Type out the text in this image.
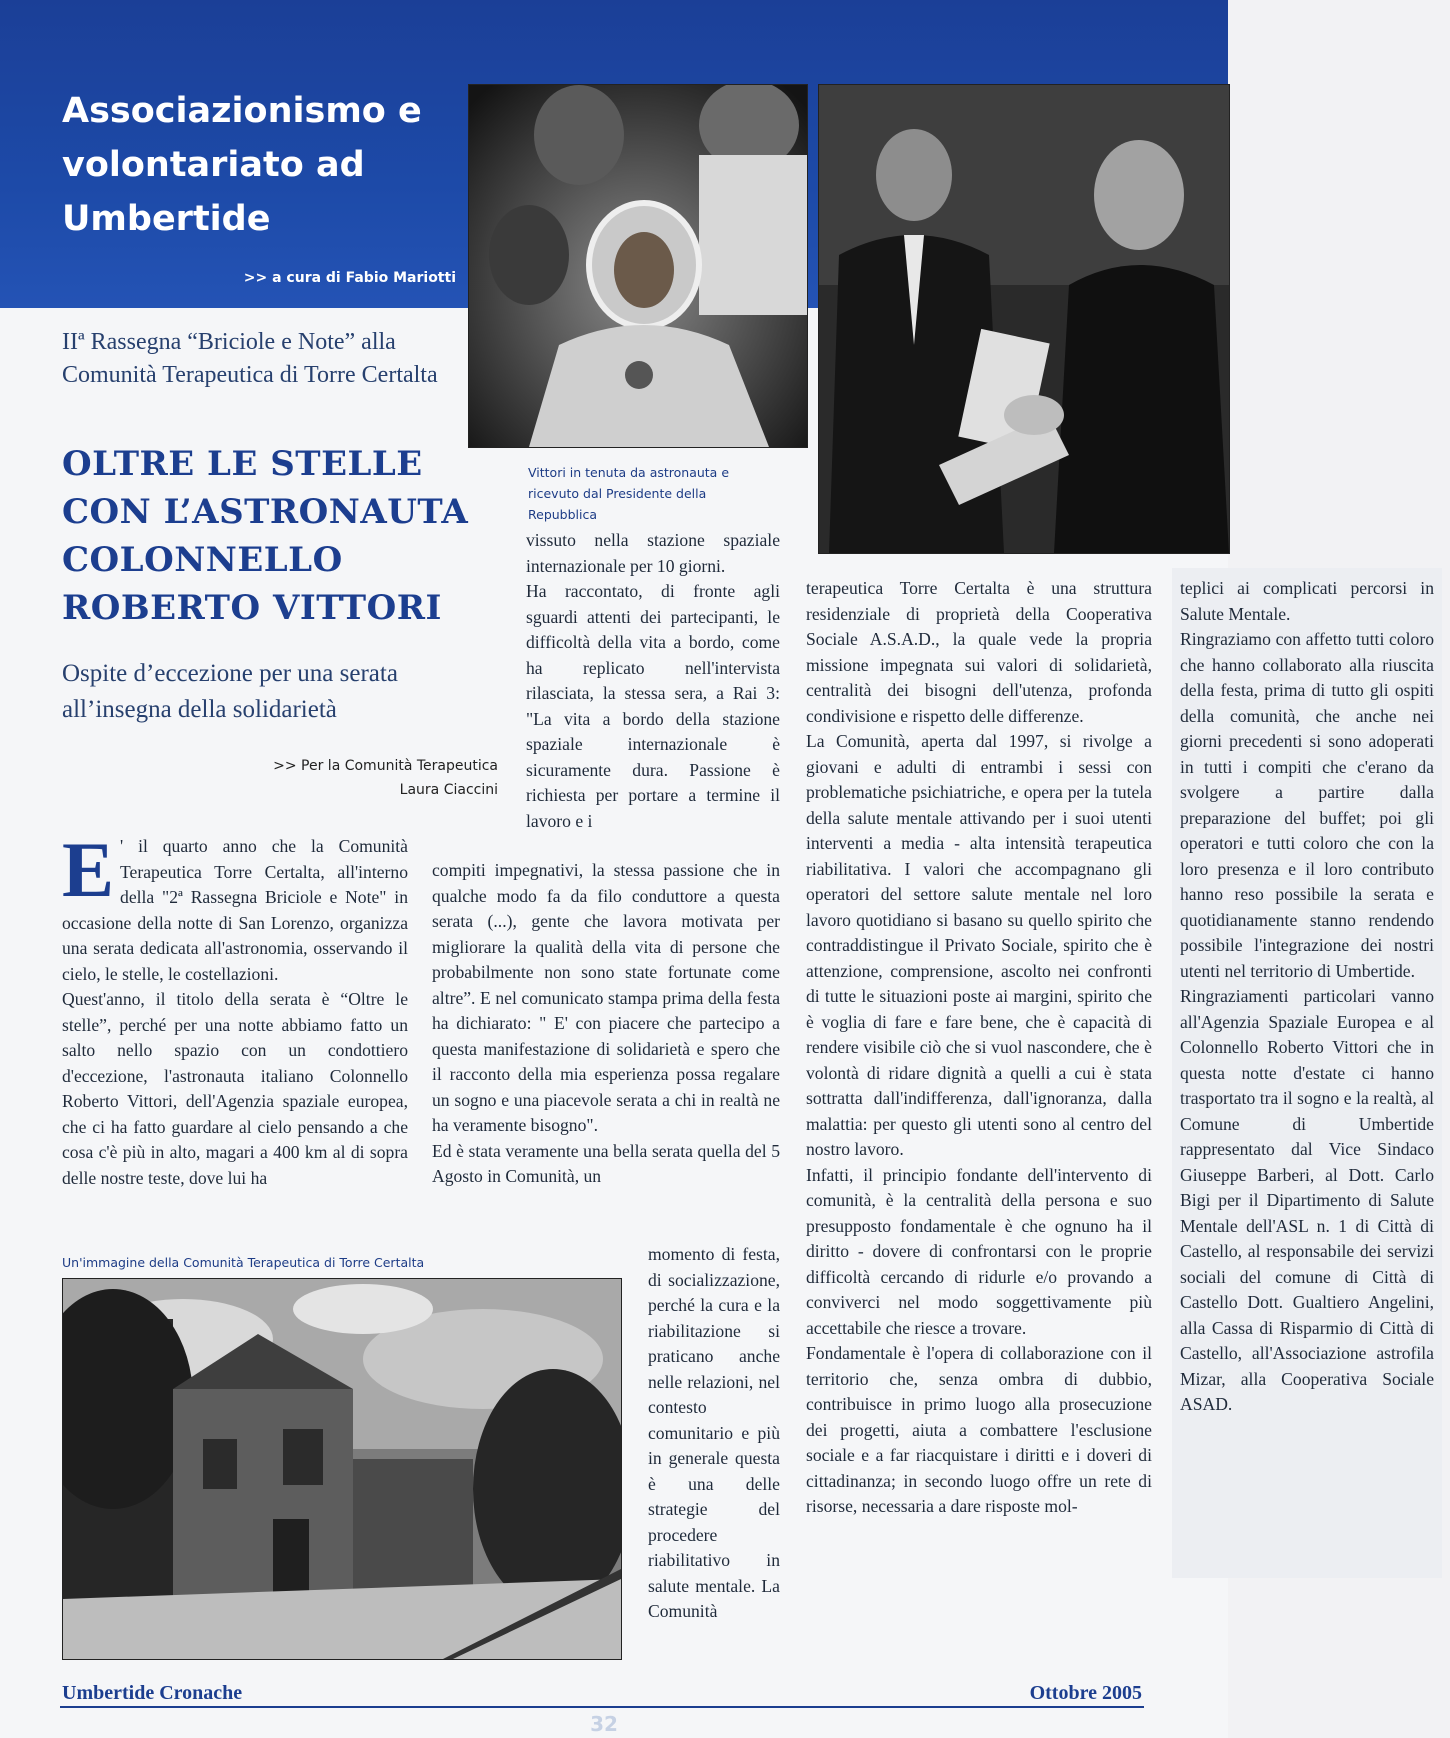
Associazionismo e volontariato ad Umbertide
>> a cura di Fabio Mariotti
Vittori in tenuta da astronauta e ricevuto dal Presidente della Repubblica
IIª Rassegna “Briciole e Note” alla Comunità Terapeutica di Torre Certalta
OLTRE LE STELLE CON L’ASTRONAUTA COLONNELLO ROBERTO VITTORI
Ospite d’eccezione per una serata all’insegna della solidarietà
>> Per la Comunità Terapeutica
Laura Ciaccini

E ' il quarto anno che la Comunità Terapeutica Torre Certalta, all'interno della "2ª Rassegna Briciole e Note" in occasione della notte di San Lorenzo, organizza una serata dedicata all'astronomia, osservando il cielo, le stelle, le costellazioni.

Quest'anno, il titolo della serata è “Oltre le stelle”, perché per una notte abbiamo fatto un salto nello spazio con un condottiero d'eccezione, l'astronauta italiano Colonnello Roberto Vittori, dell'Agenzia spaziale europea, che ci ha fatto guardare al cielo pensando a che cosa c'è più in alto, magari a 400 km al di sopra delle nostre teste, dove lui ha

Un'immagine della Comunità Terapeutica di Torre Certalta

vissuto nella stazione spaziale internazionale per 10 giorni.

Ha raccontato, di fronte agli sguardi attenti dei partecipanti, le difficoltà della vita a bordo, come ha replicato nell'intervista rilasciata, la stessa sera, a Rai 3: "La vita a bordo della stazione spaziale internazionale è sicuramente dura. Passione è richiesta per portare a termine il lavoro e i

compiti impegnativi, la stessa passione che in qualche modo fa da filo conduttore a questa serata (...), gente che lavora motivata per migliorare la qualità della vita di persone che probabilmente non sono state fortunate come altre”. E nel comunicato stampa prima della festa ha dichiarato: " E' con piacere che partecipo a questa manifestazione di solidarietà e spero che il racconto della mia esperienza possa regalare un sogno e una piacevole serata a chi in realtà ne ha veramente bisogno".

Ed è stata veramente una bella serata quella del 5 Agosto in Comunità, un

momento di festa, di socializzazione, perché la cura e la riabilitazione si praticano anche nelle relazioni, nel contesto comunitario e più in generale questa è una delle strategie del procedere riabilitativo in salute mentale. La Comunità

terapeutica Torre Certalta è una struttura residenziale di proprietà della Cooperativa Sociale A.S.A.D., la quale vede la propria missione impegnata sui valori di solidarietà, centralità dei bisogni dell'utenza, profonda condivisione e rispetto delle differenze.

La Comunità, aperta dal 1997, si rivolge a giovani e adulti di entrambi i sessi con problematiche psichiatriche, e opera per la tutela della salute mentale attivando per i suoi utenti interventi a media - alta intensità terapeutica riabilitativa. I valori che accompagnano gli operatori del settore salute mentale nel loro lavoro quotidiano si basano su quello spirito che contraddistingue il Privato Sociale, spirito che è attenzione, comprensione, ascolto nei confronti di tutte le situazioni poste ai margini, spirito che è voglia di fare e fare bene, che è capacità di rendere visibile ciò che si vuol nascondere, che è volontà di ridare dignità a quelli a cui è stata sottratta dall'indifferenza, dall'ignoranza, dalla malattia: per questo gli utenti sono al centro del nostro lavoro.

Infatti, il principio fondante dell'intervento di comunità, è la centralità della persona e suo presupposto fondamentale è che ognuno ha il diritto - dovere di confrontarsi con le proprie difficoltà cercando di ridurle e/o provando a conviverci nel modo soggettivamente più accettabile che riesce a trovare.

Fondamentale è l'opera di collaborazione con il territorio che, senza ombra di dubbio, contribuisce in primo luogo alla prosecuzione dei progetti, aiuta a combattere l'esclusione sociale e a far riacquistare i diritti e i doveri di cittadinanza; in secondo luogo offre un rete di risorse, necessaria a dare risposte mol-

teplici ai complicati percorsi in Salute Mentale.

Ringraziamo con affetto tutti coloro che hanno collaborato alla riuscita della festa, prima di tutto gli ospiti della comunità, che anche nei giorni precedenti si sono adoperati in tutti i compiti che c'erano da svolgere a partire dalla preparazione del buffet; poi gli operatori e tutti coloro che con la loro presenza e il loro contributo hanno reso possibile la serata e quotidianamente stanno rendendo possibile l'integrazione dei nostri utenti nel territorio di Umbertide.

Ringraziamenti particolari vanno all'Agenzia Spaziale Europea e al Colonnello Roberto Vittori che in questa notte d'estate ci hanno trasportato tra il sogno e la realtà, al Comune di Umbertide rappresentato dal Vice Sindaco Giuseppe Barberi, al Dott. Carlo Bigi per il Dipartimento di Salute Mentale dell'ASL n. 1 di Città di Castello, al responsabile dei servizi sociali del comune di Città di Castello Dott. Gualtiero Angelini, alla Cassa di Risparmio di Città di Castello, all'Associazione astrofila Mizar, alla Cooperativa Sociale ASAD.

Umbertide Cronache	Ottobre 2005
32
